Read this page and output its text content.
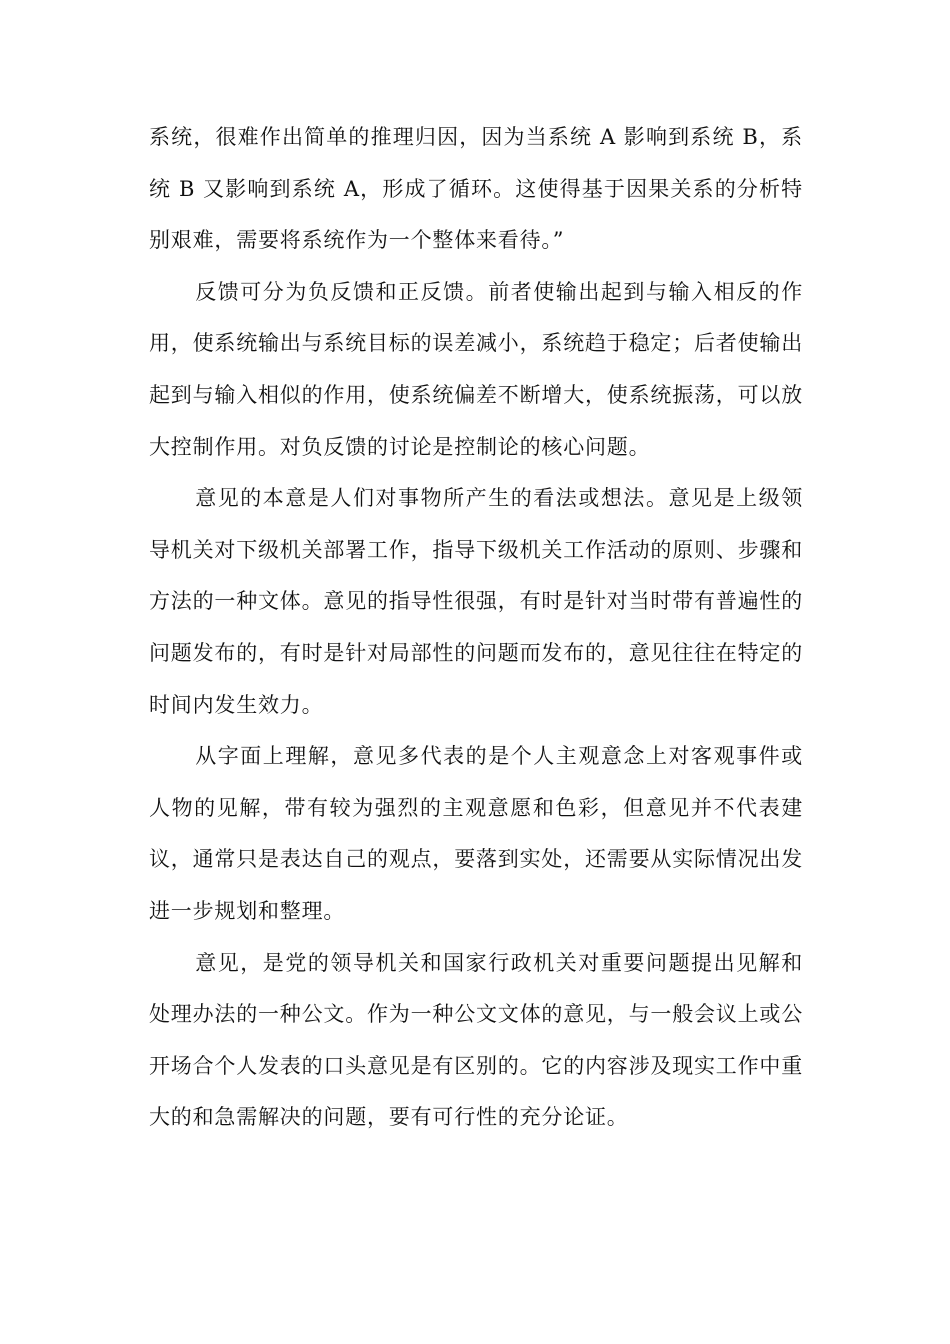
系统，很难作出简单的推理归因，因为当系统 A 影响到系统 B，系统 B 又影响到系统 A，形成了循环。这使得基于因果关系的分析特别艰难，需要将系统作为一个整体来看待。”

反馈可分为负反馈和正反馈。前者使输出起到与输入相反的作用，使系统输出与系统目标的误差减小，系统趋于稳定；后者使输出起到与输入相似的作用，使系统偏差不断增大，使系统振荡，可以放大控制作用。对负反馈的讨论是控制论的核心问题。

意见的本意是人们对事物所产生的看法或想法。意见是上级领导机关对下级机关部署工作，指导下级机关工作活动的原则、步骤和方法的一种文体。意见的指导性很强，有时是针对当时带有普遍性的问题发布的，有时是针对局部性的问题而发布的，意见往往在特定的时间内发生效力。

从字面上理解，意见多代表的是个人主观意念上对客观事件或人物的见解，带有较为强烈的主观意愿和色彩，但意见并不代表建议，通常只是表达自己的观点，要落到实处，还需要从实际情况出发进一步规划和整理。

意见，是党的领导机关和国家行政机关对重要问题提出见解和处理办法的一种公文。作为一种公文文体的意见，与一般会议上或公开场合个人发表的口头意见是有区别的。它的内容涉及现实工作中重大的和急需解决的问题，要有可行性的充分论证。
